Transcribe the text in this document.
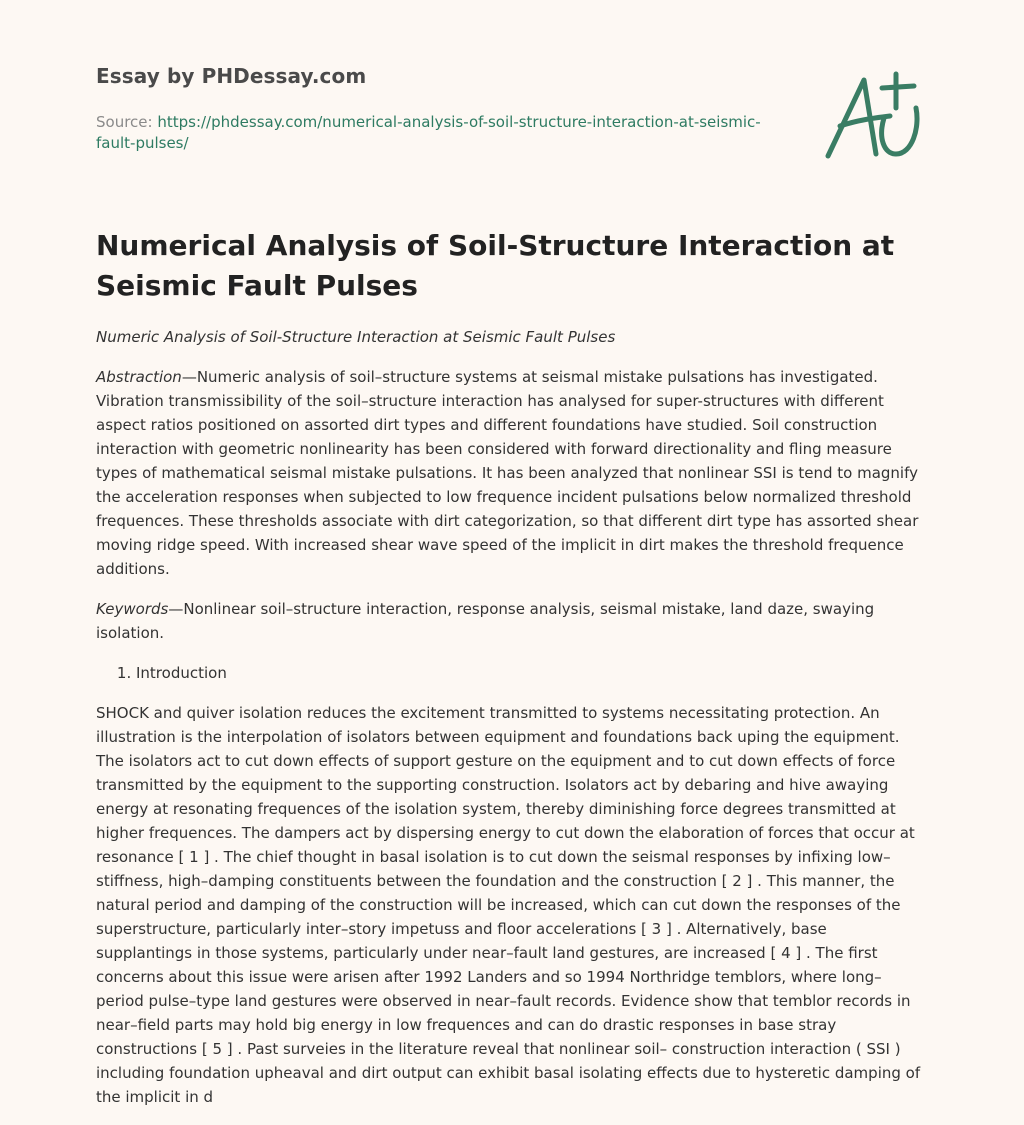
Essay by PHDessay.com
Source: https://phdessay.com/numerical-analysis-of-soil-structure-interaction-at-seismic-fault-pulses/
Numerical Analysis of Soil-Structure Interaction at Seismic Fault Pulses

Numeric Analysis of Soil-Structure Interaction at Seismic Fault Pulses

Abstraction—Numeric analysis of soil–structure systems at seismal mistake pulsations has investigated. Vibration transmissibility of the soil–structure interaction has analysed for super-structures with different aspect ratios positioned on assorted dirt types and different foundations have studied. Soil construction interaction with geometric nonlinearity has been considered with forward directionality and fling measure types of mathematical seismal mistake pulsations. It has been analyzed that nonlinear SSI is tend to magnify the acceleration responses when subjected to low frequence incident pulsations below normalized threshold frequences. These thresholds associate with dirt categorization, so that different dirt type has assorted shear moving ridge speed. With increased shear wave speed of the implicit in dirt makes the threshold frequence additions.

Keywords—Nonlinear soil–structure interaction, response analysis, seismal mistake, land daze, swaying isolation.

1. Introduction

SHOCK and quiver isolation reduces the excitement transmitted to systems necessitating protection. An illustration is the interpolation of isolators between equipment and foundations back uping the equipment. The isolators act to cut down effects of support gesture on the equipment and to cut down effects of force transmitted by the equipment to the supporting construction. Isolators act by debaring and hive awaying energy at resonating frequences of the isolation system, thereby diminishing force degrees transmitted at higher frequences. The dampers act by dispersing energy to cut down the elaboration of forces that occur at resonance [ 1 ] . The chief thought in basal isolation is to cut down the seismal responses by infixing low–stiffness, high–damping constituents between the foundation and the construction [ 2 ] . This manner, the natural period and damping of the construction will be increased, which can cut down the responses of the superstructure, particularly inter–story impetuss and floor accelerations [ 3 ] . Alternatively, base supplantings in those systems, particularly under near–fault land gestures, are increased [ 4 ] . The first concerns about this issue were arisen after 1992 Landers and so 1994 Northridge temblors, where long–period pulse–type land gestures were observed in near–fault records. Evidence show that temblor records in near–field parts may hold big energy in low frequences and can do drastic responses in base stray constructions [ 5 ] . Past surveies in the literature reveal that nonlinear soil– construction interaction ( SSI ) including foundation upheaval and dirt output can exhibit basal isolating effects due to hysteretic damping of the implicit in d
